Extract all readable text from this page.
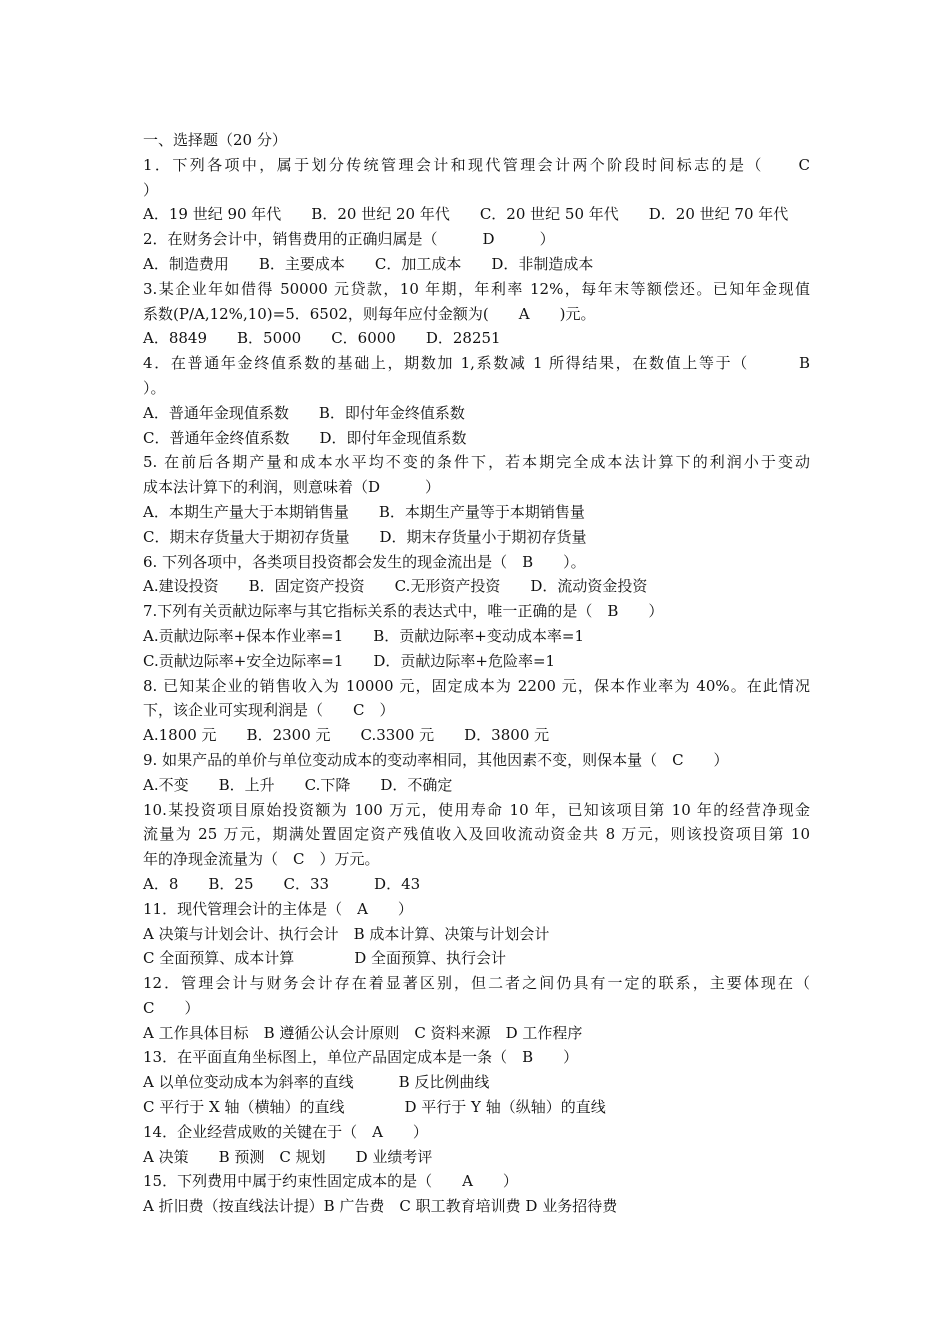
一、选择题（20 分）
1．下列各项中，属于划分传统管理会计和现代管理会计两个阶段时间标志的是（　　C
）
A．19 世纪 90 年代　　B．20 世纪 20 年代　　C．20 世纪 50 年代　　D．20 世纪 70 年代
2．在财务会计中，销售费用的正确归属是（　　　D　　　）
A．制造费用　　B．主要成本　　C．加工成本　　D．非制造成本
3.某企业年如借得 50000 元贷款，10 年期，年利率 12%，每年末等额偿还。已知年金现值
系数(P/A,12%,10)=5．6502，则每年应付金额为(　　A　　)元。
A．8849　　B．5000　　C．6000　　D．28251
4．在普通年金终值系数的基础上，期数加 1,系数减 1 所得结果，在数值上等于（　　　B
）。
A．普通年金现值系数　　B．即付年金终值系数
C．普通年金终值系数　　D．即付年金现值系数
5. 在前后各期产量和成本水平均不变的条件下，若本期完全成本法计算下的利润小于变动
成本法计算下的利润，则意味着（D　　　）
A．本期生产量大于本期销售量　　B．本期生产量等于本期销售量
C．期末存货量大于期初存货量　　D．期末存货量小于期初存货量
6. 下列各项中，各类项目投资都会发生的现金流出是（　B　　）。
A.建设投资　　B．固定资产投资　　C.无形资产投资　　D．流动资金投资
7.下列有关贡献边际率与其它指标关系的表达式中，唯一正确的是（　B　　）
A.贡献边际率+保本作业率=1　　B．贡献边际率+变动成本率=1
C.贡献边际率+安全边际率=1　　D．贡献边际率+危险率=1
8. 已知某企业的销售收入为 10000 元，固定成本为 2200 元，保本作业率为 40%。在此情况
下，该企业可实现利润是（　　C　）
A.1800 元　　B．2300 元　　C.3300 元　　D．3800 元
9. 如果产品的单价与单位变动成本的变动率相同，其他因素不变，则保本量（　C　　）
A.不变　　B．上升　　C.下降　　D．不确定
10.某投资项目原始投资额为 100 万元，使用寿命 10 年，已知该项目第 10 年的经营净现金
流量为 25 万元，期满处置固定资产残值收入及回收流动资金共 8 万元，则该投资项目第 10
年的净现金流量为（　C　）万元。
A．8　　B．25　　C．33　　　D．43
11．现代管理会计的主体是（　A　　）
A 决策与计划会计、执行会计　B 成本计算、决策与计划会计
C 全面预算、成本计算　　　　D 全面预算、执行会计
12．管理会计与财务会计存在着显著区别，但二者之间仍具有一定的联系，主要体现在（
C　　）
A 工作具体目标　B 遵循公认会计原则　C 资料来源　D 工作程序
13．在平面直角坐标图上，单位产品固定成本是一条（　B　　）
A 以单位变动成本为斜率的直线　　　B 反比例曲线
C 平行于 X 轴（横轴）的直线　　　　D 平行于 Y 轴（纵轴）的直线
14．企业经营成败的关键在于（　A　　）
A 决策　　B 预测　C 规划　　D 业绩考评
15．下列费用中属于约束性固定成本的是（　　A　　）
A 折旧费（按直线法计提）B 广告费　C 职工教育培训费 D 业务招待费
